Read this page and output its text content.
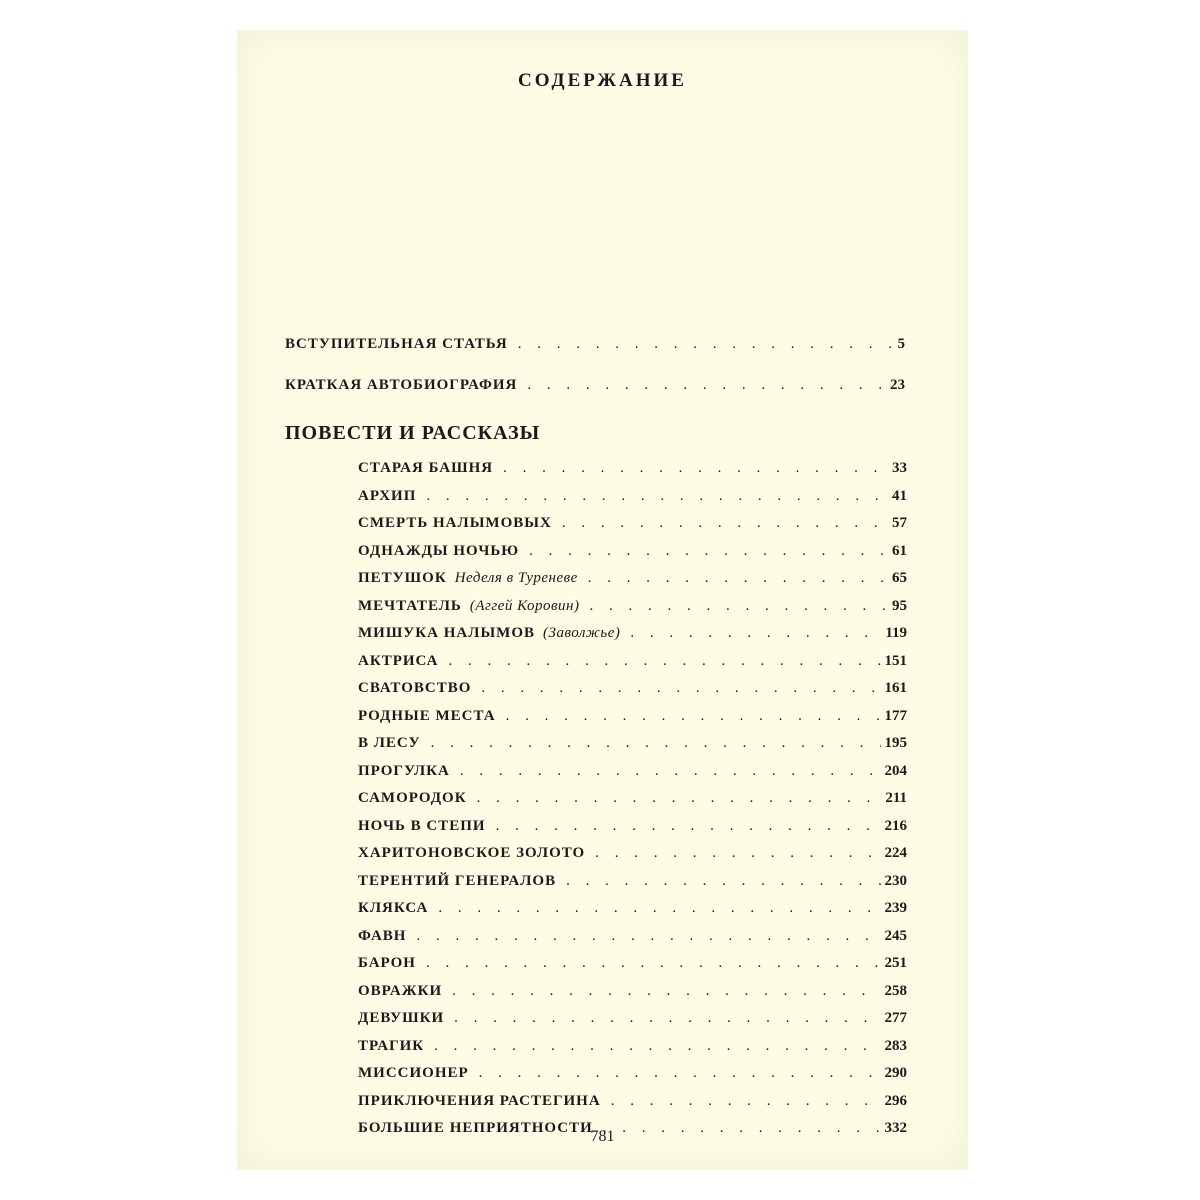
СОДЕРЖАНИЕ
ВСТУПИТЕЛЬНАЯ СТАТЬЯ . . .	5
КРАТКАЯ АВТОБИОГРАФИЯ . . .	23
ПОВЕСТИ И РАССКАЗЫ
СТАРАЯ БАШНЯ . . .	33
АРХИП . . .	41
СМЕРТЬ НАЛЫМОВЫХ . . .	57
ОДНАЖДЫ НОЧЬЮ . . .	61
ПЕТУШОК Неделя в Туреневе . . .	65
МЕЧТАТЕЛЬ (Аггей Коровин) . . .	95
МИШУКА НАЛЫМОВ (Заволжье) . . .	119
АКТРИСА . . .	151
СВАТОВСТВО . . .	161
РОДНЫЕ МЕСТА . . .	177
В ЛЕСУ . . .	195
ПРОГУЛКА . . .	204
САМОРОДОК . . .	211
НОЧЬ В СТЕПИ . . .	216
ХАРИТОНОВСКОЕ ЗОЛОТО . . .	224
ТЕРЕНТИЙ ГЕНЕРАЛОВ . . .	230
КЛЯКСА . . .	239
ФАВН . . .	245
БАРОН . . .	251
ОВРАЖКИ . . .	258
ДЕВУШКИ . . .	277
ТРАГИК . . .	283
МИССИОНЕР . . .	290
ПРИКЛЮЧЕНИЯ РАСТЕГИНА . . .	296
БОЛЬШИЕ НЕПРИЯТНОСТИ . . .	332
781
